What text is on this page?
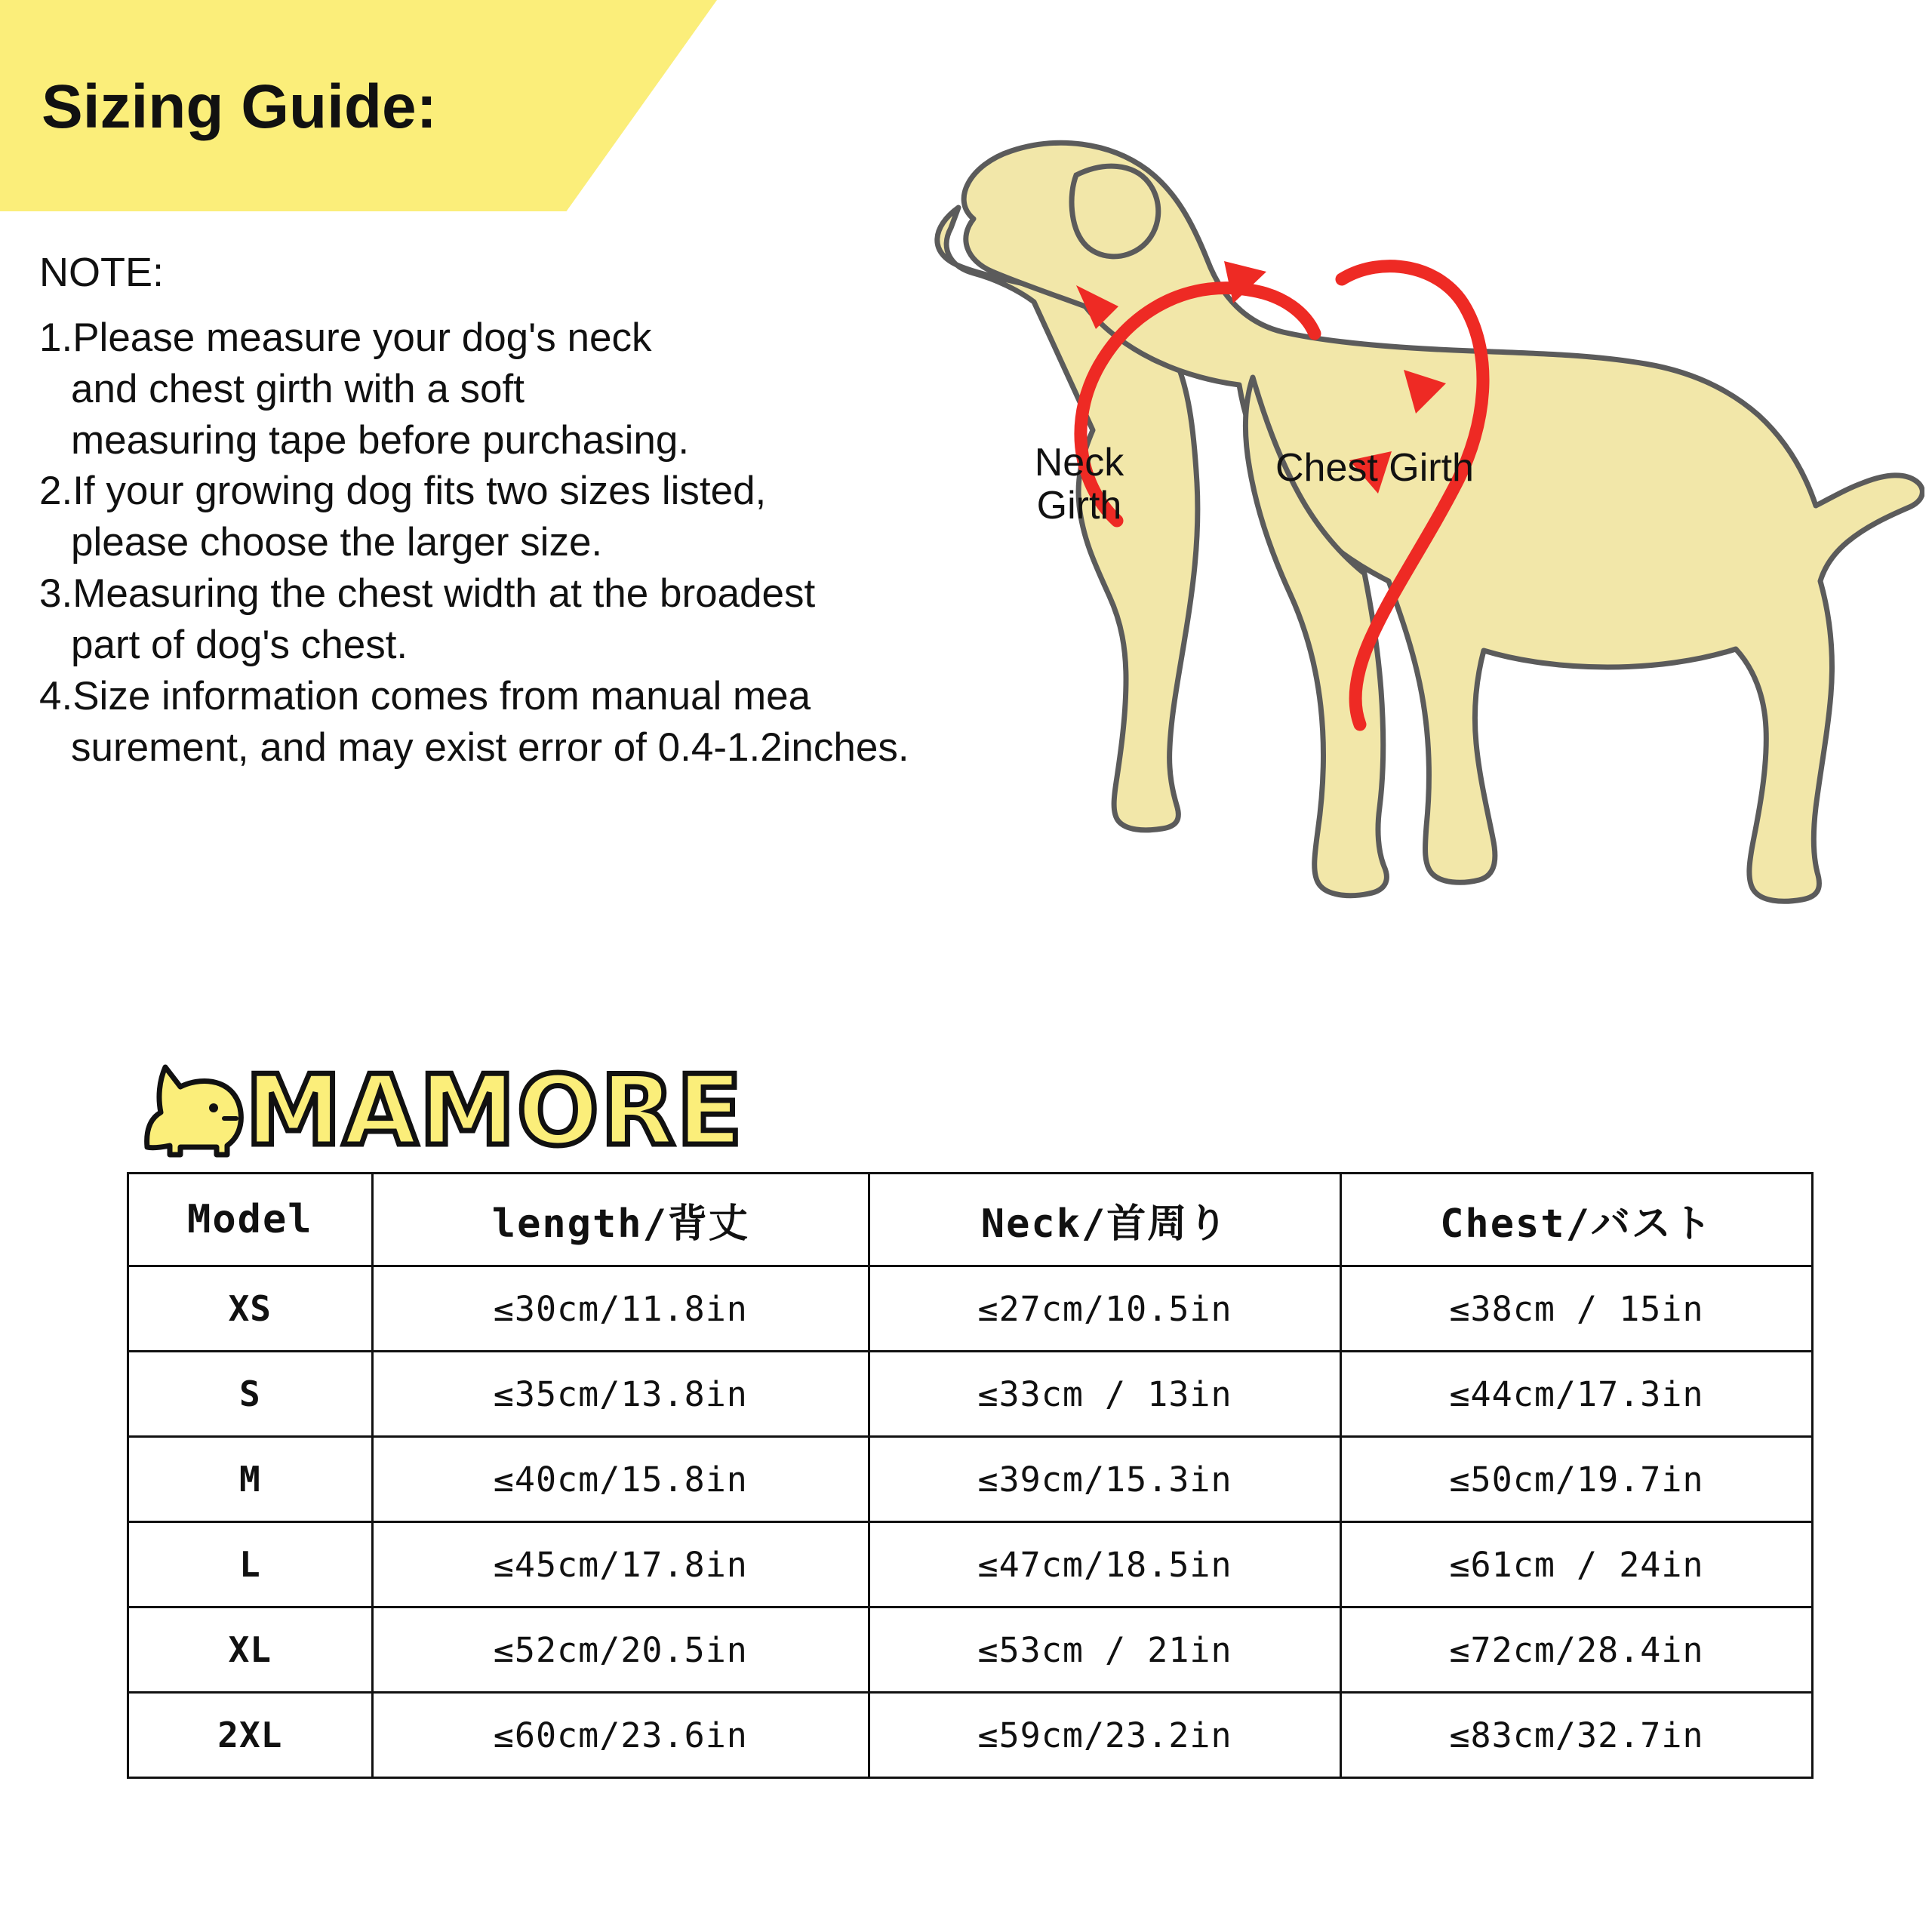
Sizing Guide:
NOTE:
1.Please measure your dog's neck
and chest girth with a soft
measuring tape before purchasing.
2.If your growing dog fits two sizes listed,
please choose the larger size.
3.Measuring the chest width at the broadest
part of dog's chest.
4.Size information comes from manual mea
surement, and may exist error of 0.4-1.2inches.
Neck
Girth
Chest Girth
MAMORE
Model	length/背丈	Neck/首周り	Chest/バスト
XS	≤30cm/11.8in	≤27cm/10.5in	≤38cm / 15in
S	≤35cm/13.8in	≤33cm / 13in	≤44cm/17.3in
M	≤40cm/15.8in	≤39cm/15.3in	≤50cm/19.7in
L	≤45cm/17.8in	≤47cm/18.5in	≤61cm / 24in
XL	≤52cm/20.5in	≤53cm / 21in	≤72cm/28.4in
2XL	≤60cm/23.6in	≤59cm/23.2in	≤83cm/32.7in
